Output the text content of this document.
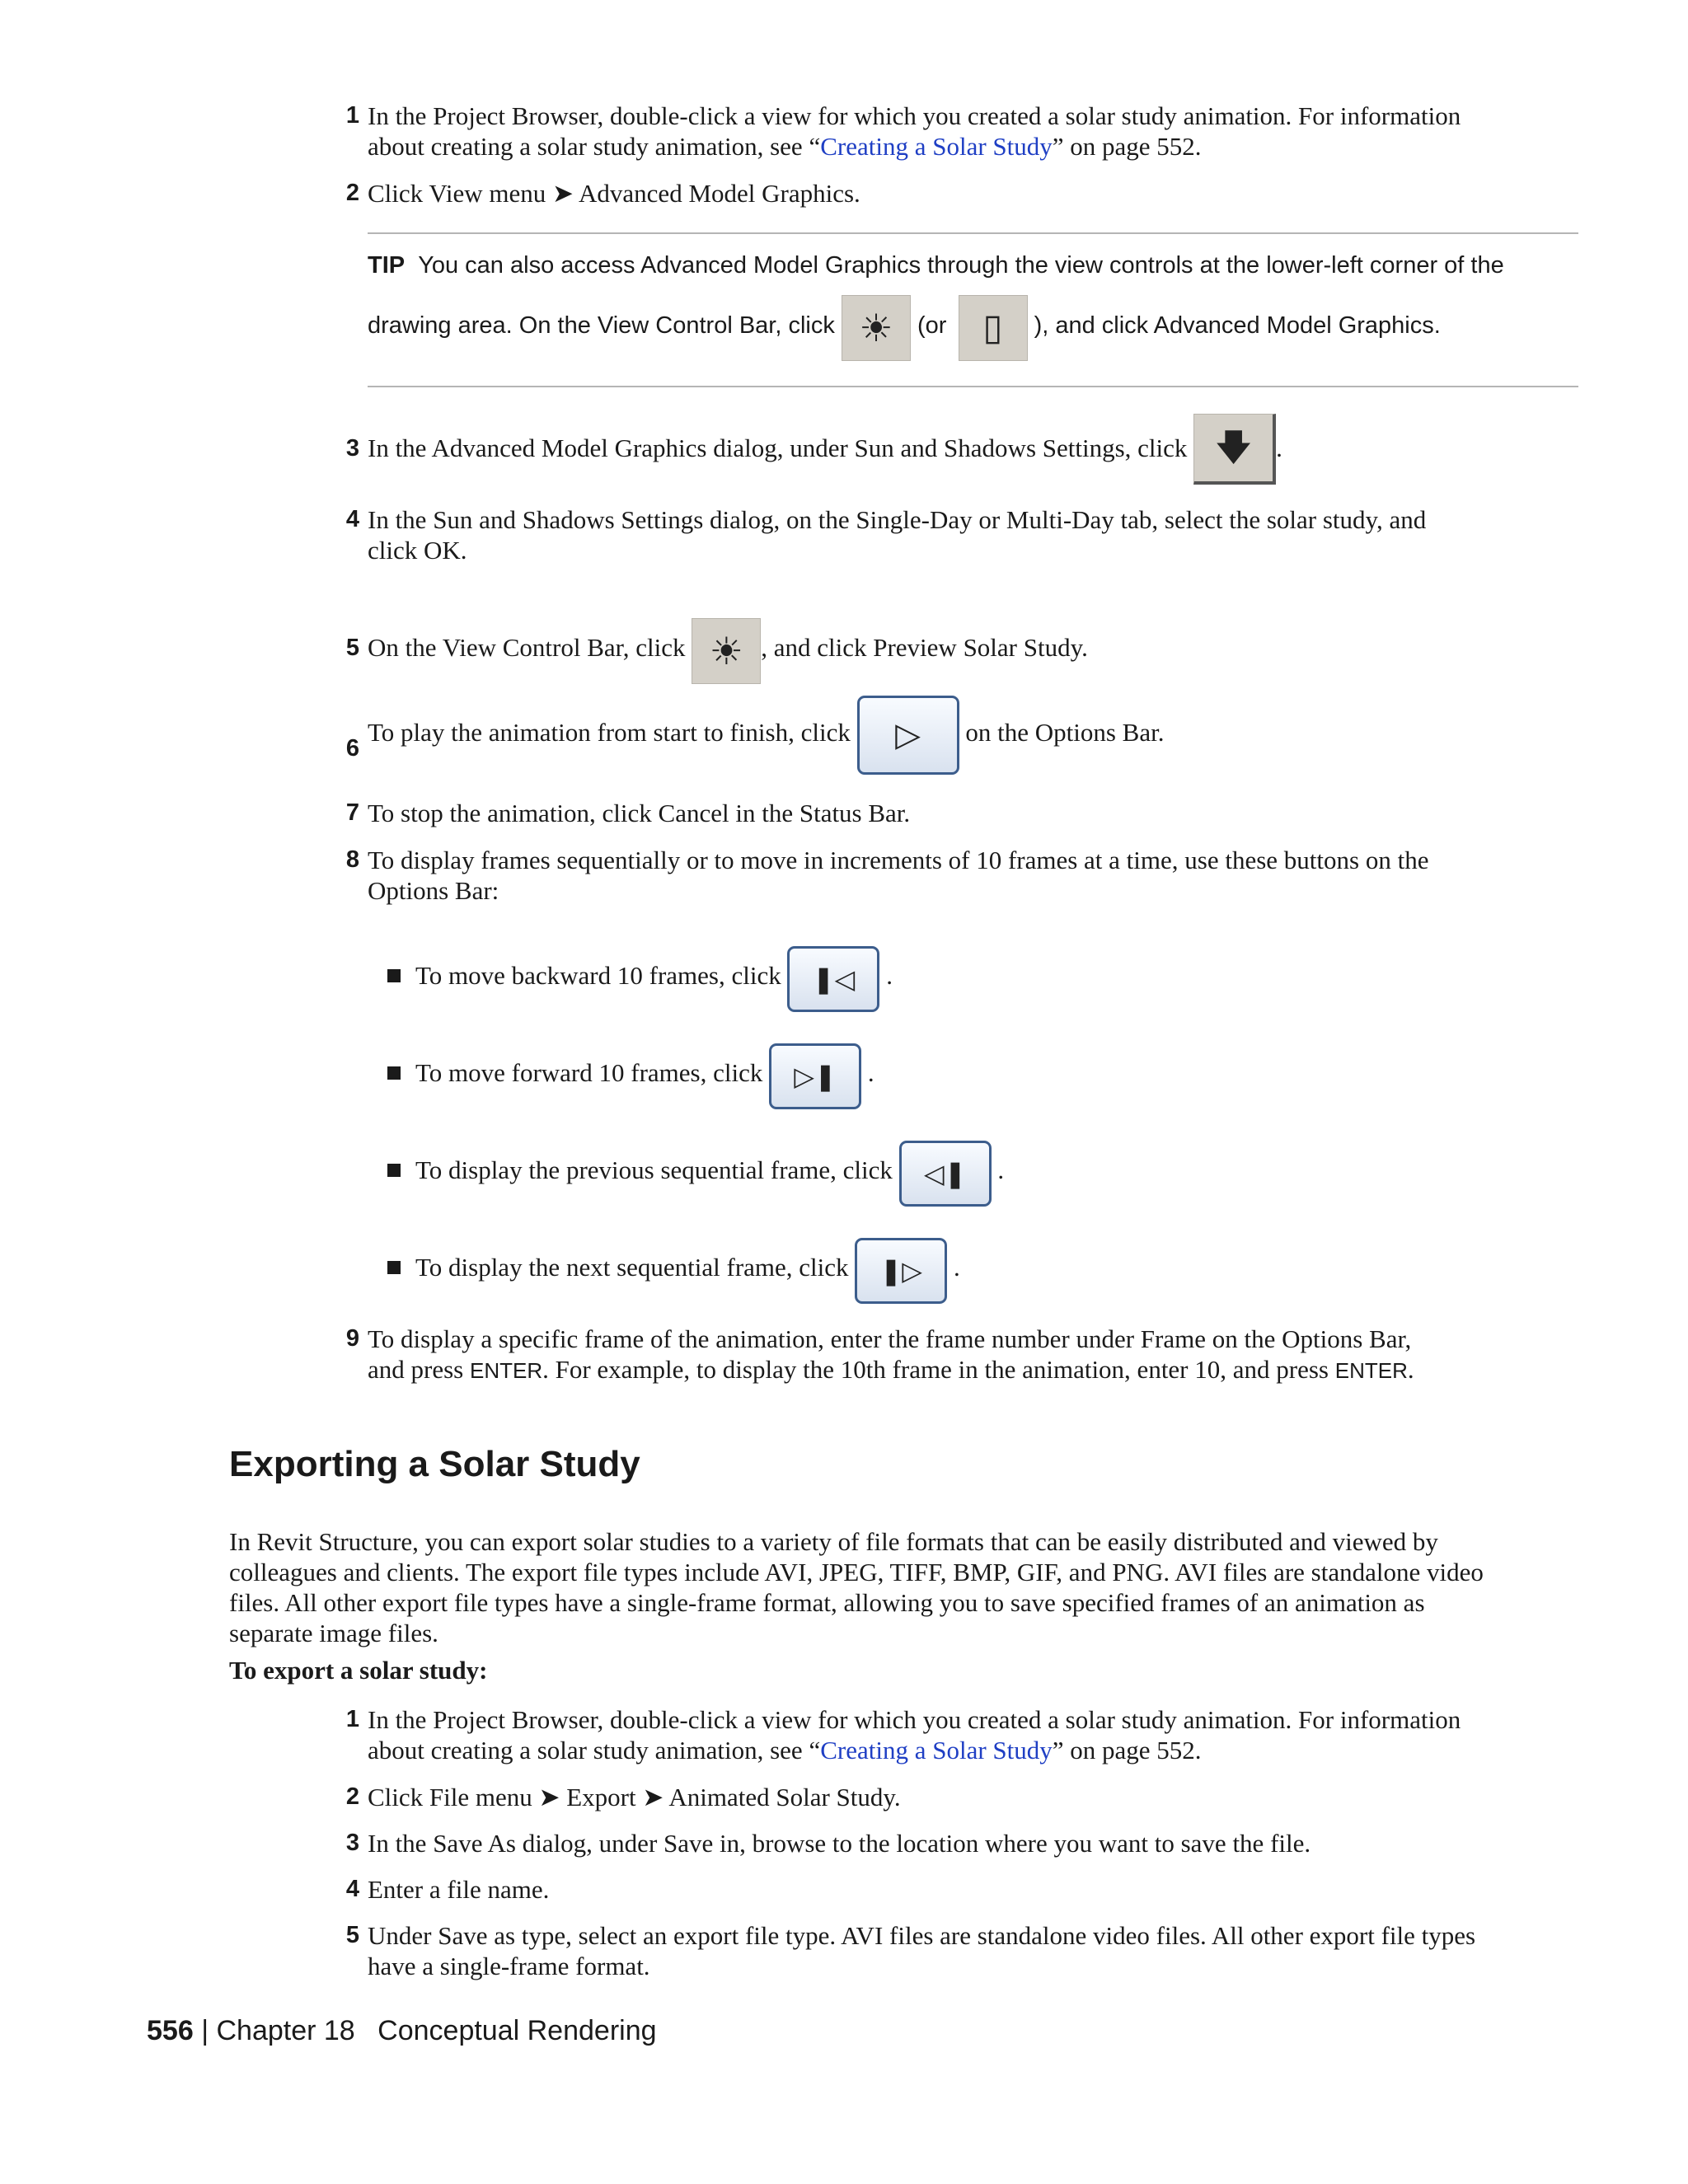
1 In the Project Browser, double-click a view for which you created a solar study animation. For information
about creating a solar study animation, see “Creating a Solar Study” on page 552.
2 Click View menu ➤ Advanced Model Graphics.
TIP You can also access Advanced Model Graphics through the view controls at the lower-left corner of the
drawing area. On the View Control Bar, click ☀	(or ▯	), and click Advanced Model Graphics.
3 In the Advanced Model Graphics dialog, under Sun and Shadows Settings, click 🡇 .
4 In the Sun and Shadows Settings dialog, on the Single-Day or Multi-Day tab, select the solar study, and
click OK.
5 On the View Control Bar, click ☀ , and click Preview Solar Study.
6
To play the animation from start to finish, click	▷	on the Options Bar.
7 To stop the animation, click Cancel in the Status Bar.
8 To display frames sequentially or to move in increments of 10 frames at a time, use these buttons on the
Options Bar:
To move backward 10 frames, click	❚◁	.
To move forward 10 frames, click	▷❚	.
To display the previous sequential frame, click	◁❚	.
To display the next sequential frame, click	❚▷	.
9 To display a specific frame of the animation, enter the frame number under Frame on the Options Bar,
and press ENTER. For example, to display the 10th frame in the animation, enter 10, and press ENTER.
Exporting a Solar Study
In Revit Structure, you can export solar studies to a variety of file formats that can be easily distributed and viewed by
colleagues and clients. The export file types include AVI, JPEG, TIFF, BMP, GIF, and PNG. AVI files are standalone video
files. All other export file types have a single-frame format, allowing you to save specified frames of an animation as
separate image files.
To export a solar study:
1 In the Project Browser, double-click a view for which you created a solar study animation. For information
about creating a solar study animation, see “Creating a Solar Study” on page 552.
2 Click File menu ➤ Export ➤ Animated Solar Study.
3 In the Save As dialog, under Save in, browse to the location where you want to save the file.
4 Enter a file name.
5 Under Save as type, select an export file type. AVI files are standalone video files. All other export file types
have a single-frame format.
556 | Chapter 18 Conceptual Rendering
